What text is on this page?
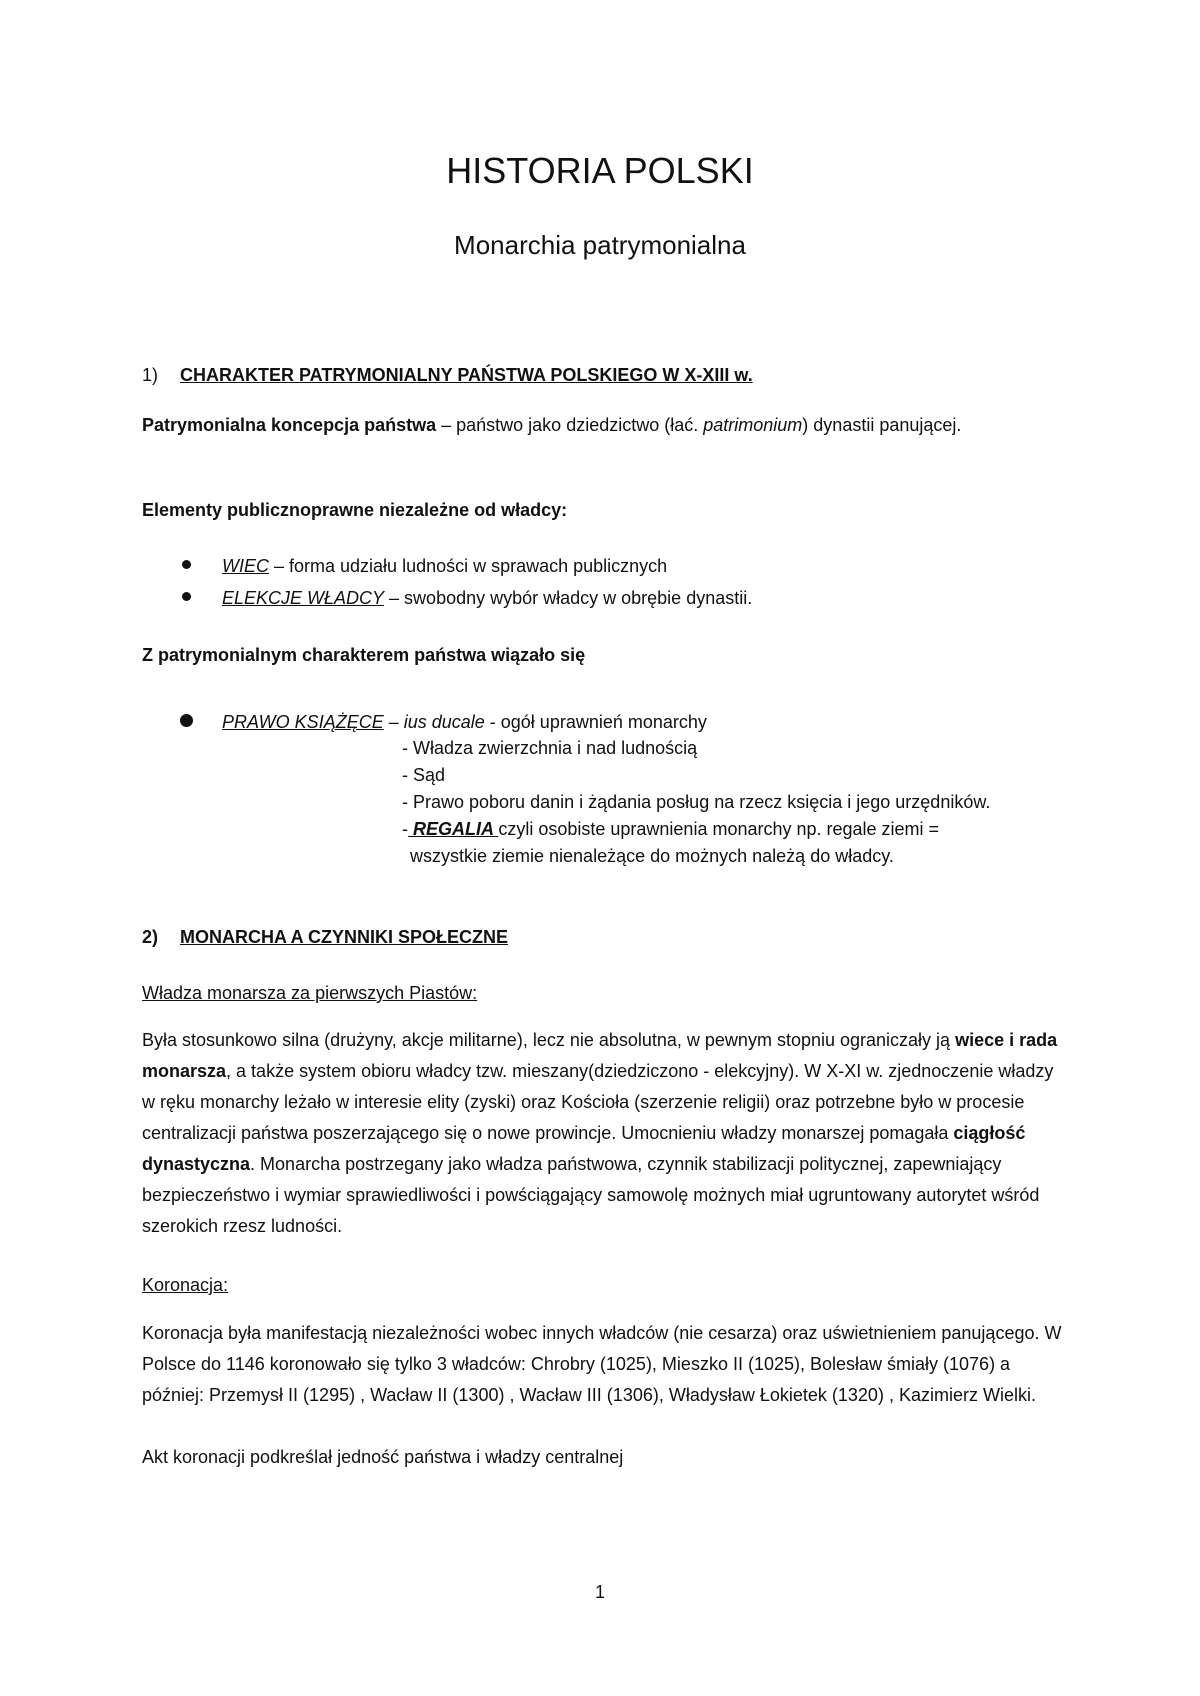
HISTORIA POLSKI
Monarchia patrymonialna
1) CHARAKTER PATRYMONIALNY PAŃSTWA POLSKIEGO W X-XIII w.
Patrymonialna koncepcja państwa – państwo jako dziedzictwo (łać. patrimonium) dynastii panującej.
Elementy publicznoprawne niezależne od władcy:
WIEC – forma udziału ludności w sprawach publicznych
ELEKCJE WŁADCY – swobodny wybór władcy w obrębie dynastii.
Z patrymonialnym charakterem państwa wiązało się
PRAWO KSIĄŻĘCE – ius ducale - ogół uprawnień monarchy
- Władza zwierzchnia i nad ludnością
- Sąd
- Prawo poboru danin i żądania posług na rzecz księcia i jego urzędników.
- REGALIA czyli osobiste uprawnienia monarchy np. regale ziemi =
wszystkie ziemie nienależące do możnych należą do władcy.
2) MONARCHA A CZYNNIKI SPOŁECZNE
Władza monarsza za pierwszych Piastów:
Była stosunkowo silna (drużyny, akcje militarne), lecz nie absolutna, w pewnym stopniu ograniczały ją wiece i rada monarsza, a także system obioru władcy tzw. mieszany(dziedziczono - elekcyjny). W X-XI w. zjednoczenie władzy w ręku monarchy leżało w interesie elity (zyski) oraz Kościoła (szerzenie religii) oraz potrzebne było w procesie centralizacji państwa poszerzającego się o nowe prowincje. Umocnieniu władzy monarszej pomagała ciągłość dynastyczna. Monarcha postrzegany jako władza państwowa, czynnik stabilizacji politycznej, zapewniający bezpieczeństwo i wymiar sprawiedliwości i powściągający samowolę możnych miał ugruntowany autorytet wśród szerokich rzesz ludności.
Koronacja:
Koronacja była manifestacją niezależności wobec innych władców (nie cesarza) oraz uświetnieniem panującego. W Polsce do 1146 koronowało się tylko 3 władców: Chrobry (1025), Mieszko II (1025), Bolesław śmiały (1076) a później: Przemysł II (1295) , Wacław II (1300) , Wacław III (1306), Władysław Łokietek (1320) , Kazimierz Wielki.
Akt koronacji podkreślał jedność państwa i władzy centralnej
1
